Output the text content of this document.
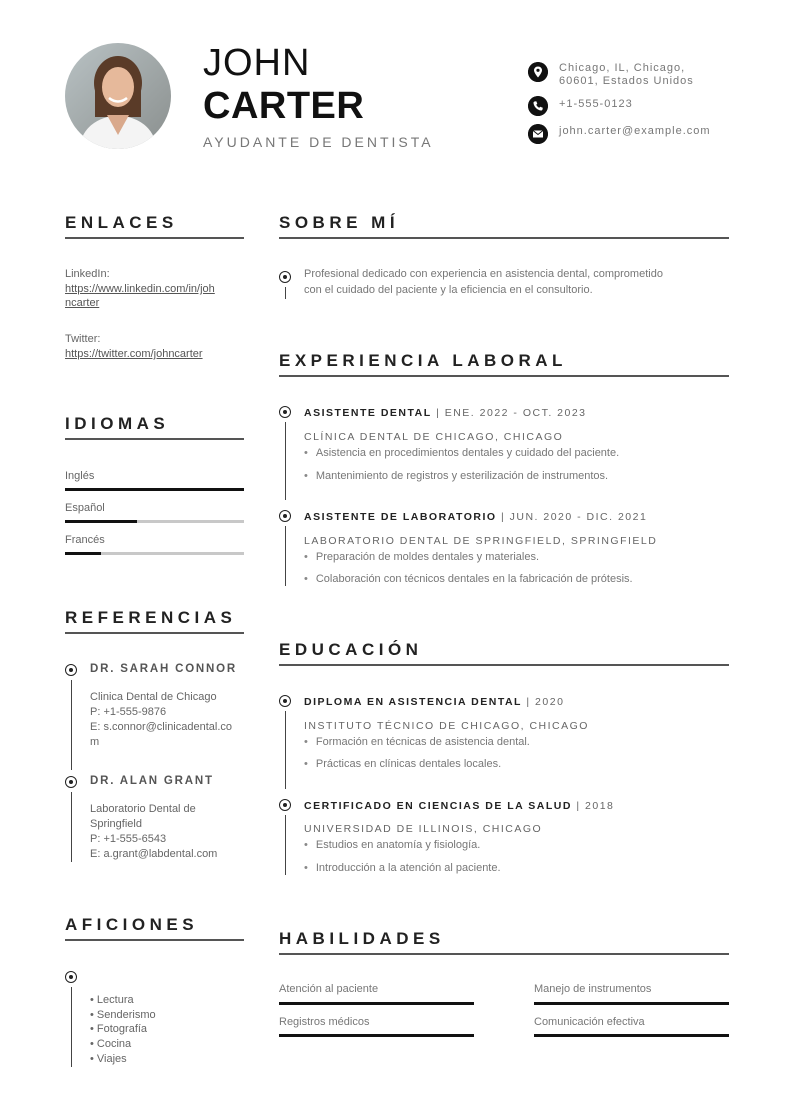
JOHN
CARTER
AYUDANTE DE DENTISTA
Chicago, IL, Chicago,
60601, Estados Unidos
+1-555-0123
john.carter@example.com
ENLACES
LinkedIn:
https://www.linkedin.com/in/joh
ncarter
Twitter:
https://twitter.com/johncarter
IDIOMAS
Inglés
Español
Francés
REFERENCIAS
DR. SARAH CONNOR
Clinica Dental de Chicago
P: +1-555-9876
E: s.connor@clinicadental.co
m
DR. ALAN GRANT
Laboratorio Dental de
Springfield
P: +1-555-6543
E: a.grant@labdental.com
AFICIONES
• Lectura
• Senderismo
• Fotografía
• Cocina
• Viajes
SOBRE MÍ
Profesional dedicado con experiencia en asistencia dental, comprometido
con el cuidado del paciente y la eficiencia en el consultorio.
EXPERIENCIA LABORAL
ASISTENTE DENTAL | ENE. 2022 - OCT. 2023
CLÍNICA DENTAL DE CHICAGO, CHICAGO
• Asistencia en procedimientos dentales y cuidado del paciente.
• Mantenimiento de registros y esterilización de instrumentos.
ASISTENTE DE LABORATORIO | JUN. 2020 - DIC. 2021
LABORATORIO DENTAL DE SPRINGFIELD, SPRINGFIELD
• Preparación de moldes dentales y materiales.
• Colaboración con técnicos dentales en la fabricación de prótesis.
EDUCACIÓN
DIPLOMA EN ASISTENCIA DENTAL | 2020
INSTITUTO TÉCNICO DE CHICAGO, CHICAGO
• Formación en técnicas de asistencia dental.
• Prácticas en clínicas dentales locales.
CERTIFICADO EN CIENCIAS DE LA SALUD | 2018
UNIVERSIDAD DE ILLINOIS, CHICAGO
• Estudios en anatomía y fisiología.
• Introducción a la atención al paciente.
HABILIDADES
Atención al paciente	Manejo de instrumentos
Registros médicos	Comunicación efectiva
